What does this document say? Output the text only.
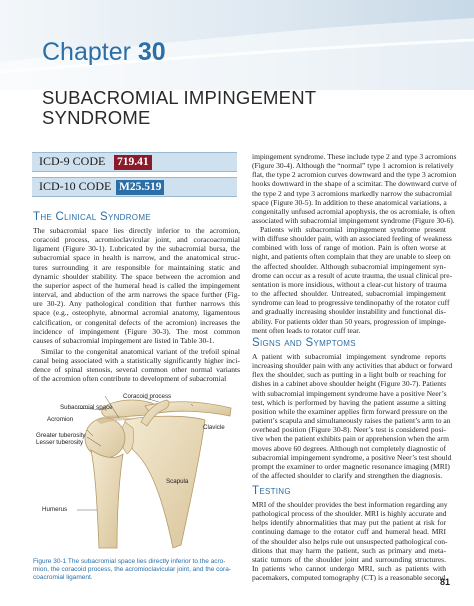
Chapter 30
SUBACROMIAL IMPINGEMENT
SYNDROME
ICD-9 CODE 719.41
ICD-10 CODE M25.519
The Clinical Syndrome
The subacromial space lies directly inferior to the acromion,
coracoid process, acromioclavicular joint, and coracoacromial
ligament (Figure 30-1). Lubricated by the subacromial bursa, the
subacromial space in health is narrow, and the anatomical struc-
tures surrounding it are responsible for maintaining static and
dynamic shoulder stability. The space between the acromion and
the superior aspect of the humeral head is called the impingement
interval, and abduction of the arm narrows the space further (Fig-
ure 30-2). Any pathological condition that further narrows this
space (e.g., osteophyte, abnormal acromial anatomy, ligamentous
calcification, or congenital defects of the acromion) increases the
incidence of impingement (Figure 30-3). The most common
causes of subacromial impingement are listed in Table 30-1.
Similar to the congenital anatomical variant of the trefoil spinal
canal being associated with a statistically significantly higher inci-
dence of spinal stenosis, several common other normal variants
of the acromion often contribute to development of subacromial
Coracoid process
Subacromial space
Acromion
Clavicle
Greater tuberosity
Lesser tuberosity
Scapula
Humerus
Figure 30-1 The subacromial space lies directly inferior to the acro-
mion, the coracoid process, the acromioclavicular joint, and the cora-
coacromial ligament.
impingement syndrome. These include type 2 and type 3 acromions
(Figure 30-4). Although the “normal” type 1 acromion is relatively
flat, the type 2 acromion curves downward and the type 3 acromion
hooks downward in the shape of a scimitar. The downward curve of
the type 2 and type 3 acromions markedly narrow the subacromial
space (Figure 30-5). In addition to these anatomical variations, a
congenitally unfused acromial apophysis, the os acromiale, is often
associated with subacromial impingement syndrome (Figure 30-6).
Patients with subacromial impingement syndrome present
with diffuse shoulder pain, with an associated feeling of weakness
combined with loss of range of motion. Pain is often worse at
night, and patients often complain that they are unable to sleep on
the affected shoulder. Although subacromial impingement syn-
drome can occur as a result of acute trauma, the usual clinical pre-
sentation is more insidious, without a clear-cut history of trauma
to the affected shoulder. Untreated, subacromial impingement
syndrome can lead to progressive tendinopathy of the rotator cuff
and gradually increasing shoulder instability and functional dis-
ability. For patients older than 50 years, progression of impinge-
ment often leads to rotator cuff tear.
Signs and Symptoms
A patient with subacromial impingement syndrome reports
increasing shoulder pain with any activities that abduct or forward
flex the shoulder, such as putting in a light bulb or reaching for
dishes in a cabinet above shoulder height (Figure 30-7). Patients
with subacromial impingement syndrome have a positive Neer’s
test, which is performed by having the patient assume a sitting
position while the examiner applies firm forward pressure on the
patient’s scapula and simultaneously raises the patient’s arm to an
overhead position (Figure 30-8). Neer’s test is considered posi-
tive when the patient exhibits pain or apprehension when the arm
moves above 60 degrees. Although not completely diagnostic of
subacromial impingement syndrome, a positive Neer’s test should
prompt the examiner to order magnetic resonance imaging (MRI)
of the affected shoulder to clarify and strengthen the diagnosis.
Testing
MRI of the shoulder provides the best information regarding any
pathological process of the shoulder. MRI is highly accurate and
helps identify abnormalities that may put the patient at risk for
continuing damage to the rotator cuff and humeral head. MRI
of the shoulder also helps rule out unsuspected pathological con-
ditions that may harm the patient, such as primary and meta-
static tumors of the shoulder joint and surrounding structures.
In patients who cannot undergo MRI, such as patients with
pacemakers, computed tomography (CT) is a reasonable second
81
